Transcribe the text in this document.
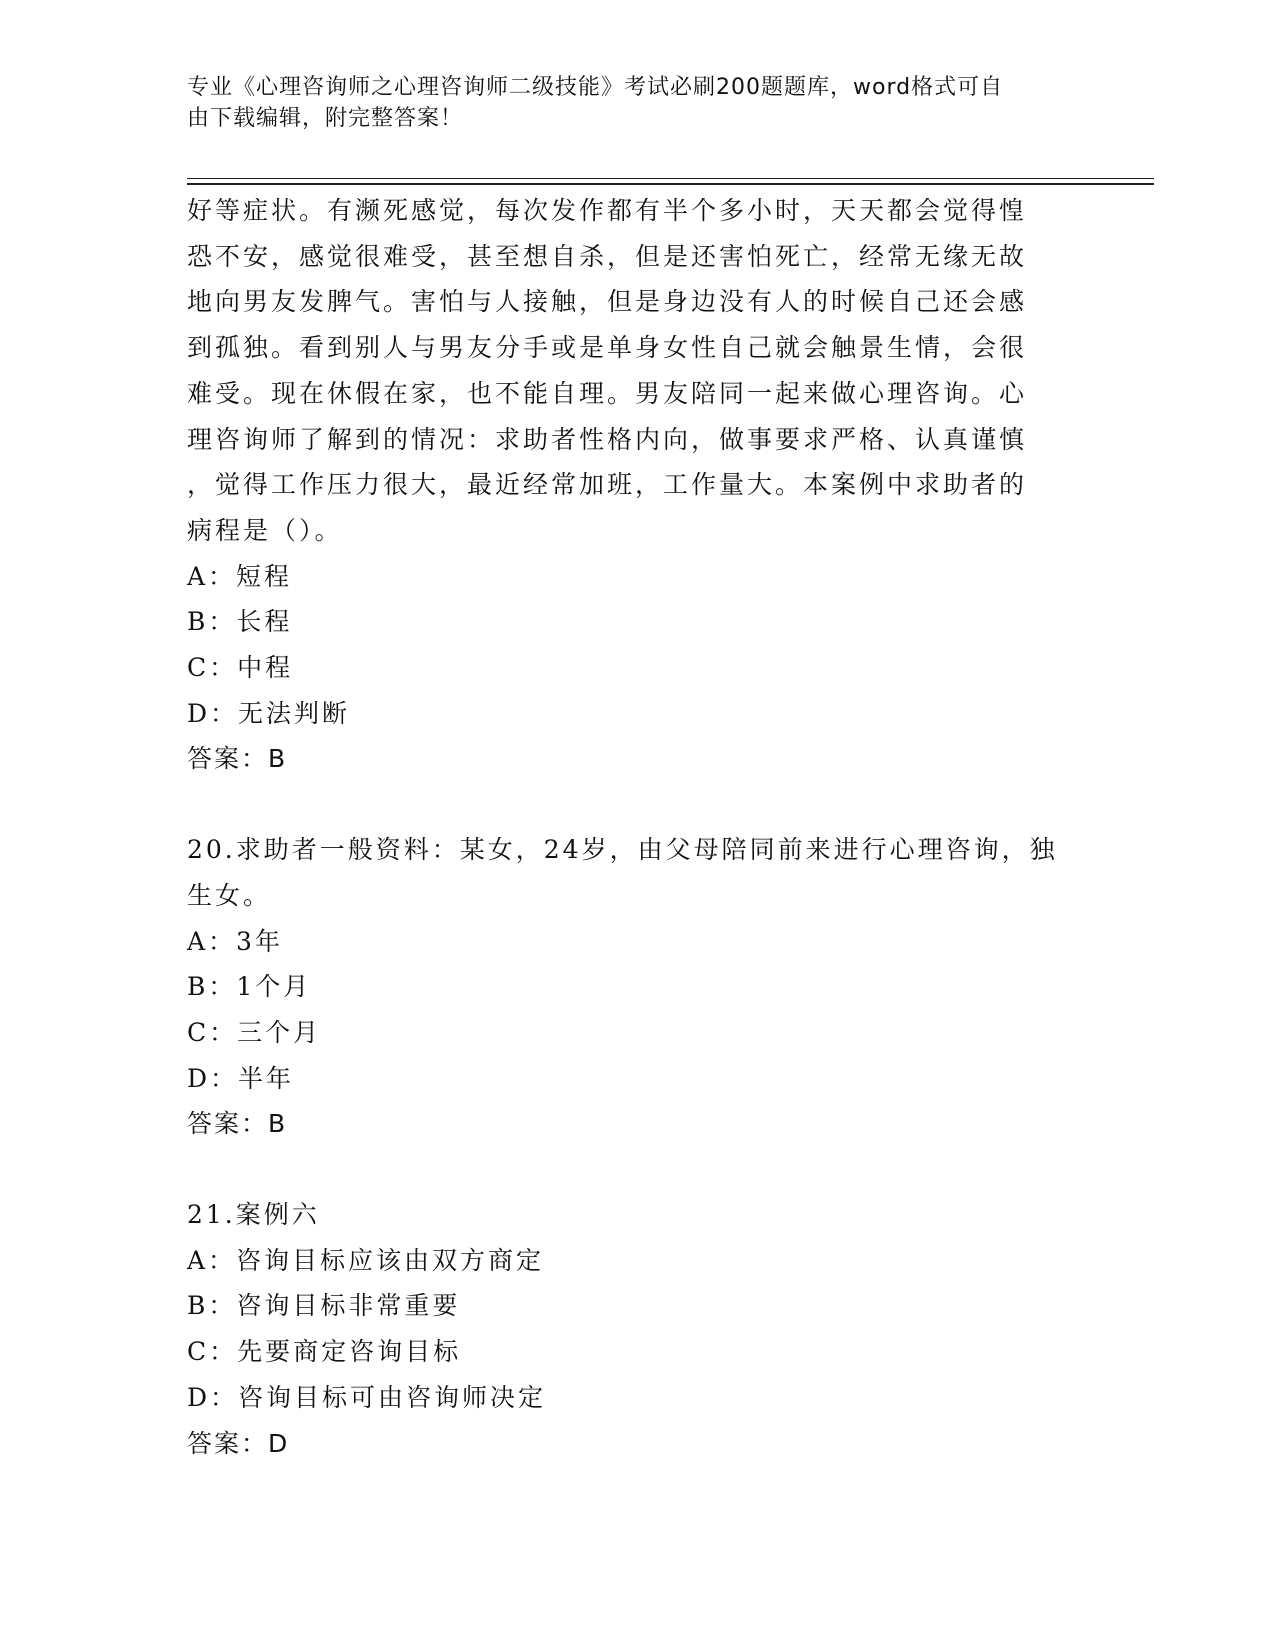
专业《心理咨询师之心理咨询师二级技能》考试必刷200题题库，word格式可自
由下载编辑，附完整答案！
好等症状。有濒死感觉，每次发作都有半个多小时，天天都会觉得惶
恐不安，感觉很难受，甚至想自杀，但是还害怕死亡，经常无缘无故
地向男友发脾气。害怕与人接触，但是身边没有人的时候自己还会感
到孤独。看到别人与男友分手或是单身女性自己就会触景生情，会很
难受。现在休假在家，也不能自理。男友陪同一起来做心理咨询。心
理咨询师了解到的情况：求助者性格内向，做事要求严格、认真谨慎
，觉得工作压力很大，最近经常加班，工作量大。本案例中求助者的
病程是（）。
A：短程
B：长程
C：中程
D：无法判断
答案：B
20.求助者一般资料：某女，24岁，由父母陪同前来进行心理咨询，独
生女。
A：3年
B：1个月
C：三个月
D：半年
答案：B
21.案例六
A：咨询目标应该由双方商定
B：咨询目标非常重要
C：先要商定咨询目标
D：咨询目标可由咨询师决定
答案：D
